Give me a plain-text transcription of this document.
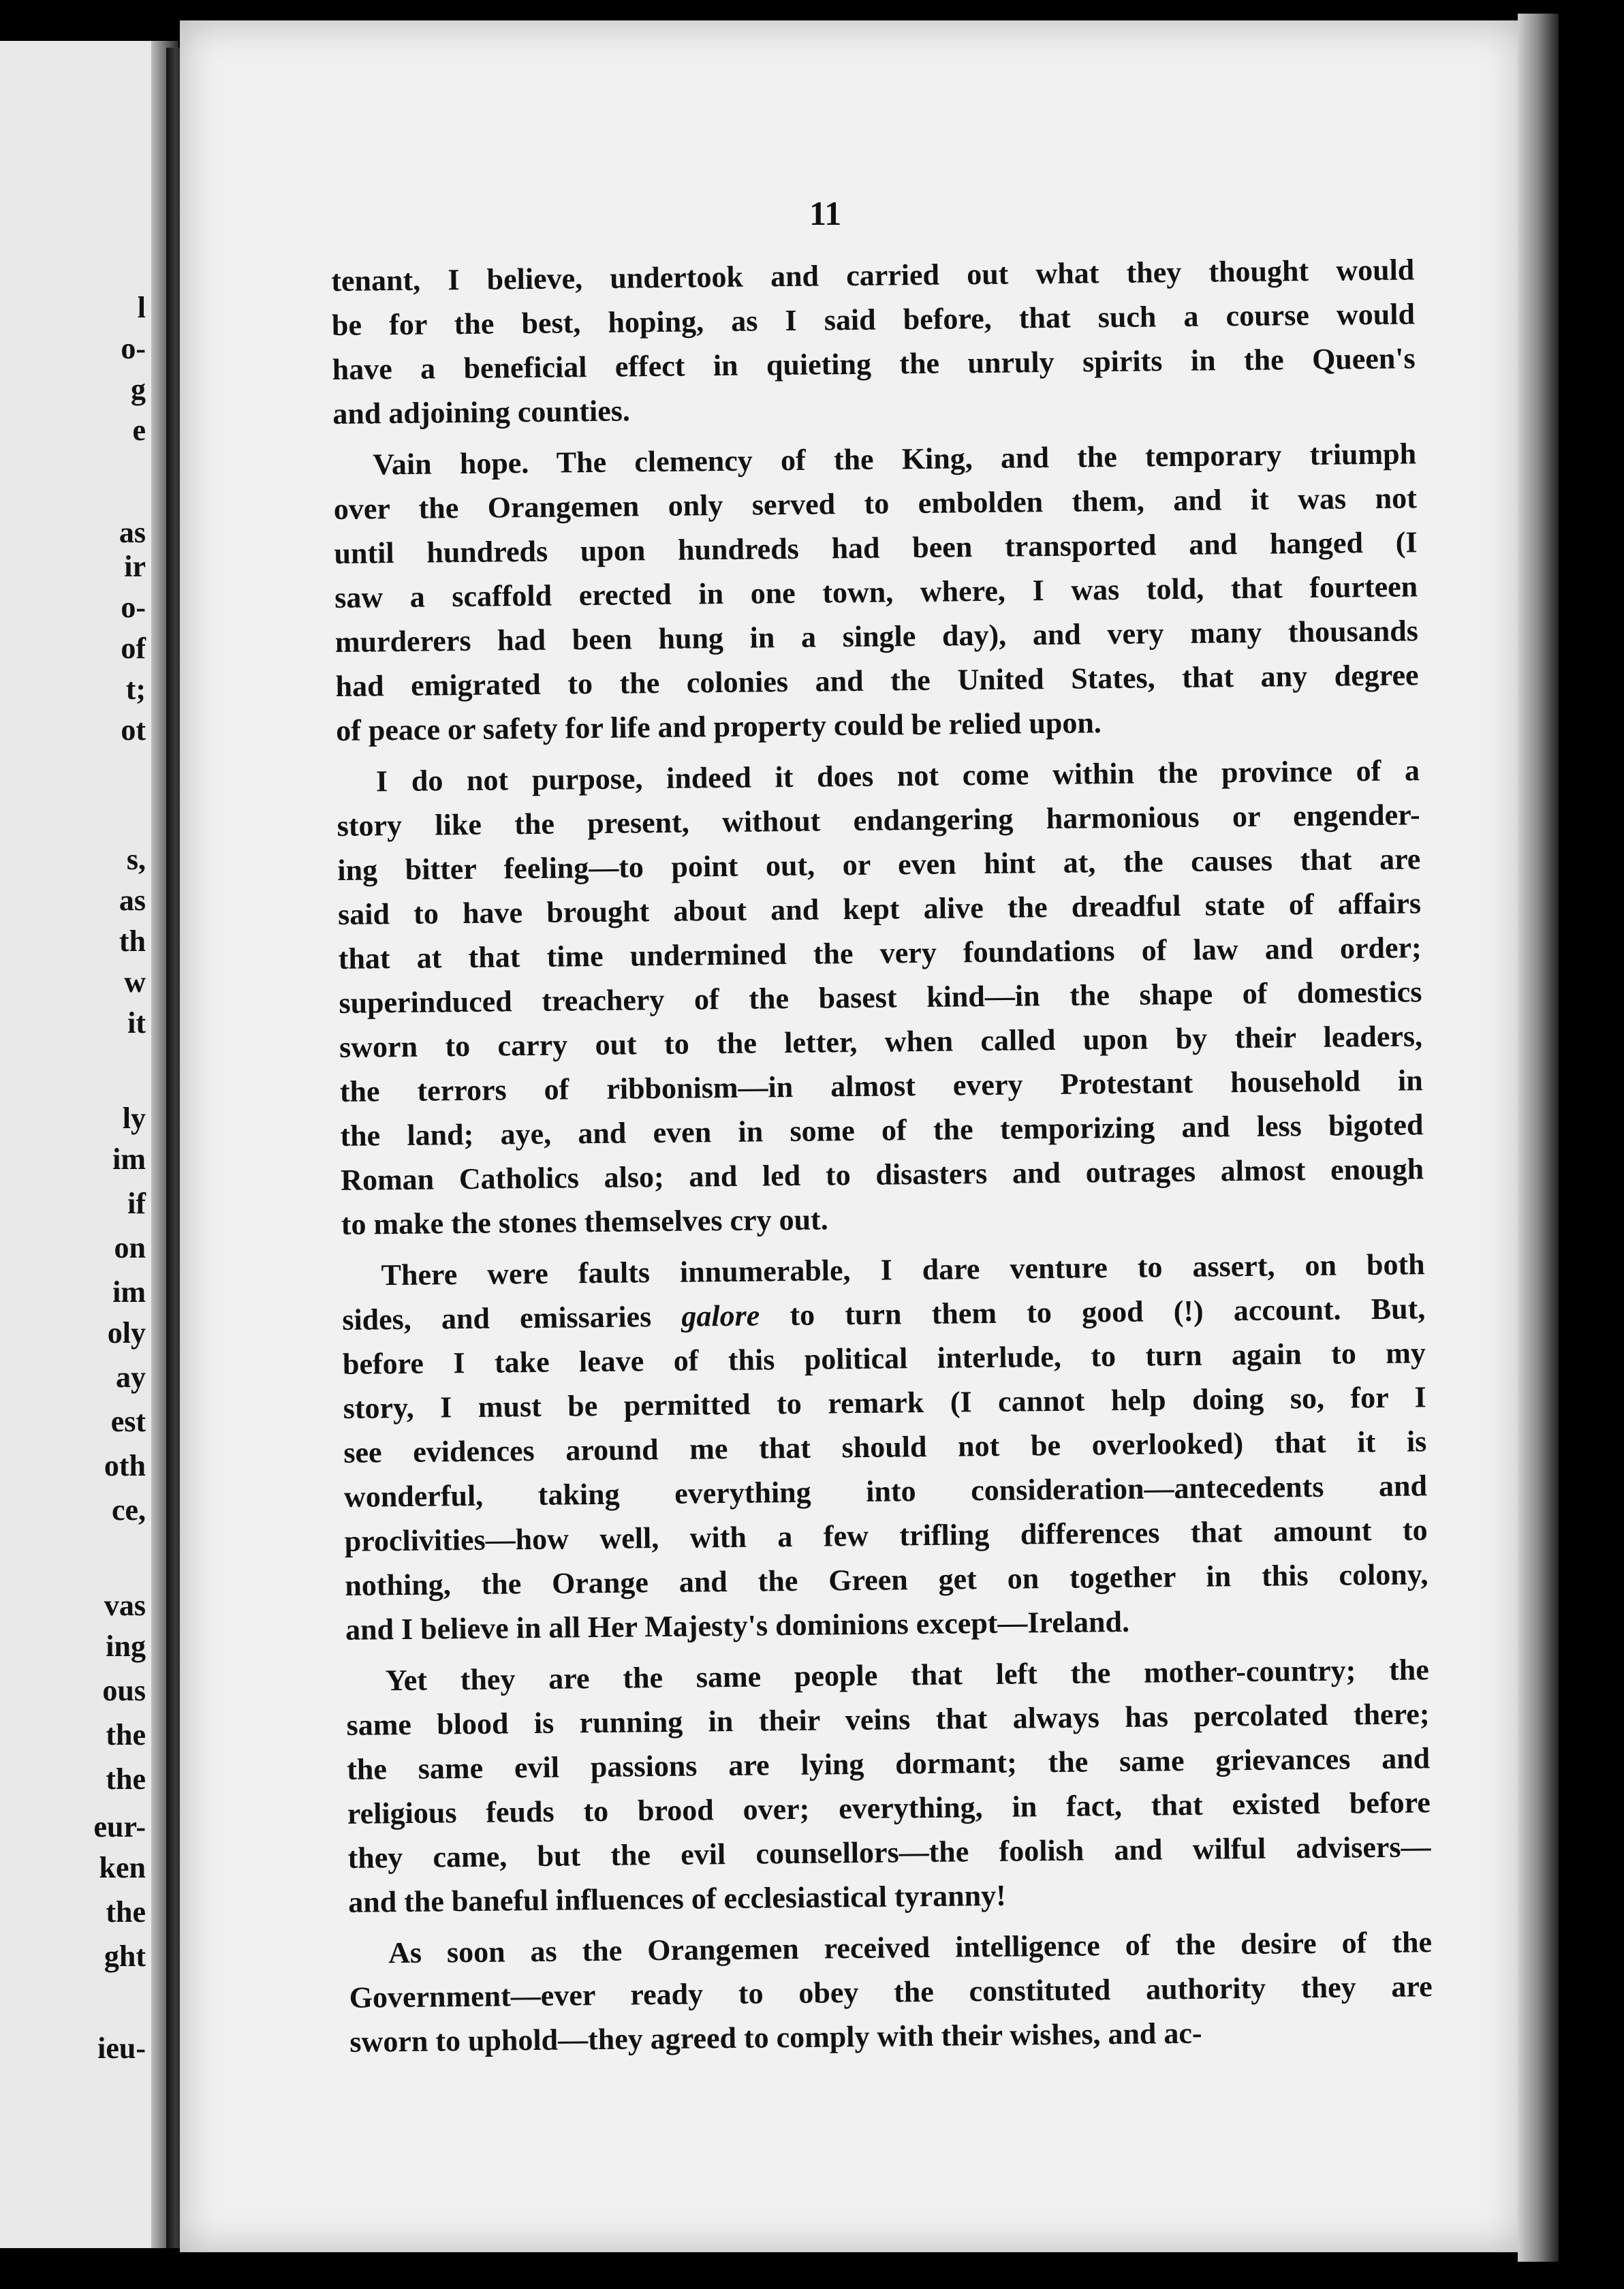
l
o-
g
e
as
ir
o-
of
t;
ot
s,
as
th
w
it
ly
im
if
on
im
oly
ay
est
oth
ce,
vas
ing
ous
the
the
eur-
ken
the
ght
ieu-
11
tenant, I believe, undertook and carried out what they thought would
be for the best, hoping, as I said before, that such a course would
have a beneficial effect in quieting the unruly spirits in the Queen's
and adjoining counties.
Vain hope. The clemency of the King, and the temporary triumph
over the Orangemen only served to embolden them, and it was not
until hundreds upon hundreds had been transported and hanged (I
saw a scaffold erected in one town, where, I was told, that fourteen
murderers had been hung in a single day), and very many thousands
had emigrated to the colonies and the United States, that any degree
of peace or safety for life and property could be relied upon.
I do not purpose, indeed it does not come within the province of a
story like the present, without endangering harmonious or engender-
ing bitter feeling—to point out, or even hint at, the causes that are
said to have brought about and kept alive the dreadful state of affairs
that at that time undermined the very foundations of law and order;
superinduced treachery of the basest kind—in the shape of domestics
sworn to carry out to the letter, when called upon by their leaders,
the terrors of ribbonism—in almost every Protestant household in
the land; aye, and even in some of the temporizing and less bigoted
Roman Catholics also; and led to disasters and outrages almost enough
to make the stones themselves cry out.
There were faults innumerable, I dare venture to assert, on both
sides, and emissaries galore to turn them to good (!) account. But,
before I take leave of this political interlude, to turn again to my
story, I must be permitted to remark (I cannot help doing so, for I
see evidences around me that should not be overlooked) that it is
wonderful, taking everything into consideration—antecedents and
proclivities—how well, with a few trifling differences that amount to
nothing, the Orange and the Green get on together in this colony,
and I believe in all Her Majesty's dominions except—Ireland.
Yet they are the same people that left the mother-country; the
same blood is running in their veins that always has percolated there;
the same evil passions are lying dormant; the same grievances and
religious feuds to brood over; everything, in fact, that existed before
they came, but the evil counsellors—the foolish and wilful advisers—
and the baneful influences of ecclesiastical tyranny!
As soon as the Orangemen received intelligence of the desire of the
Government—ever ready to obey the constituted authority they are
sworn to uphold—they agreed to comply with their wishes, and ac-
